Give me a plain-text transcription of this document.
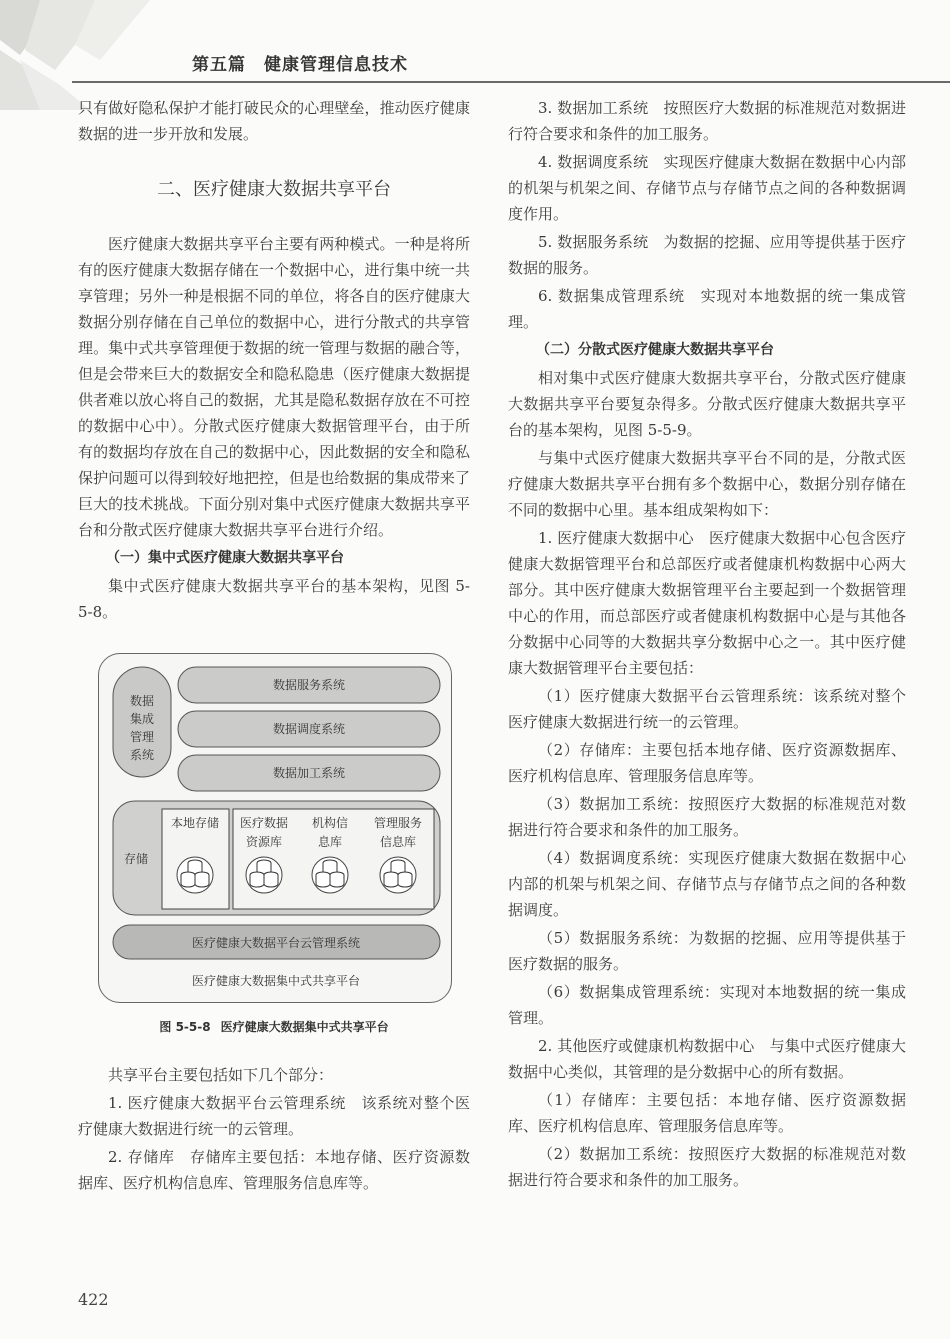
第五篇　健康管理信息技术

只有做好隐私保护才能打破民众的心理壁垒，推动医疗健康数据的进一步开放和发展。

二、医疗健康大数据共享平台

医疗健康大数据共享平台主要有两种模式。一种是将所有的医疗健康大数据存储在一个数据中心，进行集中统一共享管理；另外一种是根据不同的单位，将各自的医疗健康大数据分别存储在自己单位的数据中心，进行分散式的共享管理。集中式共享管理便于数据的统一管理与数据的融合等，但是会带来巨大的数据安全和隐私隐患（医疗健康大数据提供者难以放心将自己的数据，尤其是隐私数据存放在不可控的数据中心中）。分散式医疗健康大数据管理平台，由于所有的数据均存放在自己的数据中心，因此数据的安全和隐私保护问题可以得到较好地把控，但是也给数据的集成带来了巨大的技术挑战。下面分别对集中式医疗健康大数据共享平台和分散式医疗健康大数据共享平台进行介绍。

（一）集中式医疗健康大数据共享平台

集中式医疗健康大数据共享平台的基本架构，见图 5-5-8。

数据
集成
管理
系统
数据服务系统
数据调度系统
数据加工系统
存储
本地存储 医疗数据
资源库
机构信
息库
管理服务
信息库
医疗健康大数据平台云管理系统
医疗健康大数据集中式共享平台
图 5-5-8 医疗健康大数据集中式共享平台

共享平台主要包括如下几个部分：

1. 医疗健康大数据平台云管理系统　该系统对整个医疗健康大数据进行统一的云管理。

2. 存储库　存储库主要包括：本地存储、医疗资源数据库、医疗机构信息库、管理服务信息库等。

3. 数据加工系统　按照医疗大数据的标准规范对数据进行符合要求和条件的加工服务。

4. 数据调度系统　实现医疗健康大数据在数据中心内部的机架与机架之间、存储节点与存储节点之间的各种数据调度作用。

5. 数据服务系统　为数据的挖掘、应用等提供基于医疗数据的服务。

6. 数据集成管理系统　实现对本地数据的统一集成管理。

（二）分散式医疗健康大数据共享平台

相对集中式医疗健康大数据共享平台，分散式医疗健康大数据共享平台要复杂得多。分散式医疗健康大数据共享平台的基本架构，见图 5-5-9。

与集中式医疗健康大数据共享平台不同的是，分散式医疗健康大数据共享平台拥有多个数据中心，数据分别存储在不同的数据中心里。基本组成架构如下：

1. 医疗健康大数据中心　医疗健康大数据中心包含医疗健康大数据管理平台和总部医疗或者健康机构数据中心两大部分。其中医疗健康大数据管理平台主要起到一个数据管理中心的作用，而总部医疗或者健康机构数据中心是与其他各分数据中心同等的大数据共享分数据中心之一。其中医疗健康大数据管理平台主要包括：

（1）医疗健康大数据平台云管理系统：该系统对整个医疗健康大数据进行统一的云管理。

（2）存储库：主要包括本地存储、医疗资源数据库、医疗机构信息库、管理服务信息库等。

（3）数据加工系统：按照医疗大数据的标准规范对数据进行符合要求和条件的加工服务。

（4）数据调度系统：实现医疗健康大数据在数据中心内部的机架与机架之间、存储节点与存储节点之间的各种数据调度。

（5）数据服务系统：为数据的挖掘、应用等提供基于医疗数据的服务。

（6）数据集成管理系统：实现对本地数据的统一集成管理。

2. 其他医疗或健康机构数据中心　与集中式医疗健康大数据中心类似，其管理的是分数据中心的所有数据。

（1）存储库：主要包括：本地存储、医疗资源数据库、医疗机构信息库、管理服务信息库等。

（2）数据加工系统：按照医疗大数据的标准规范对数据进行符合要求和条件的加工服务。

422
